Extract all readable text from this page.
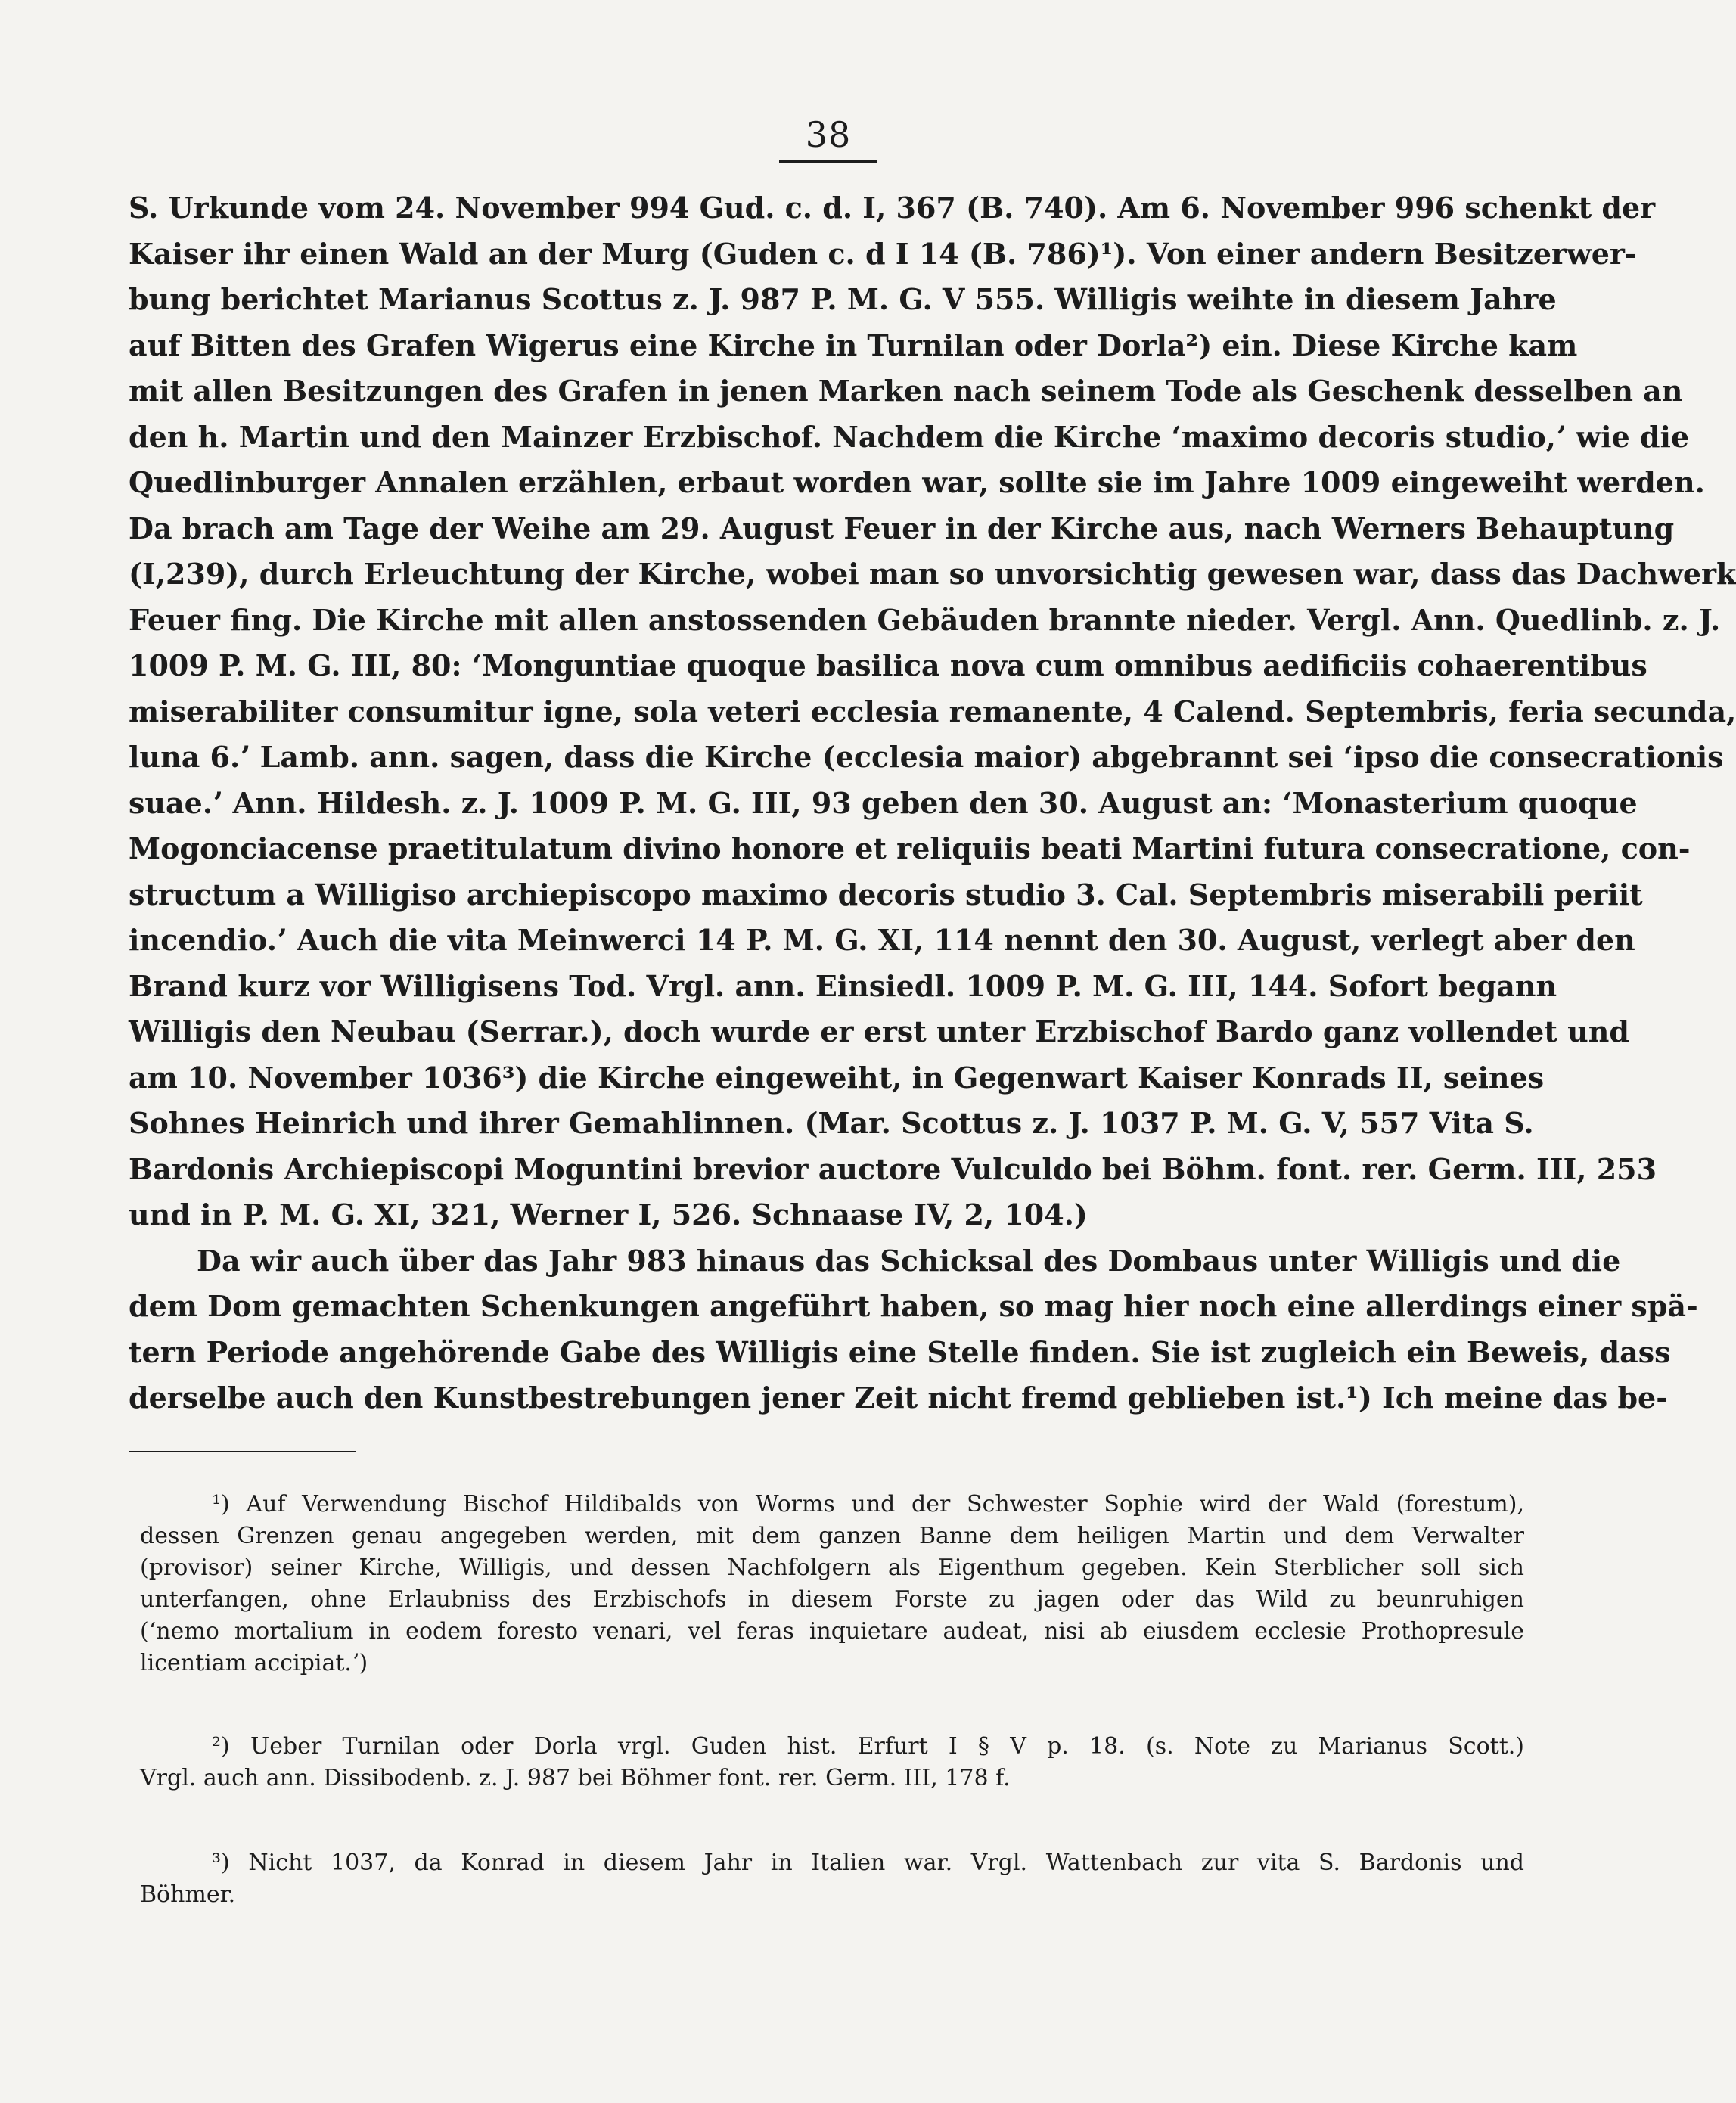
38
S. Urkunde vom 24. November 994 Gud. c. d. I, 367 (B. 740). Am 6. November 996 schenkt der
Kaiser ihr einen Wald an der Murg (Guden c. d I 14 (B. 786)¹). Von einer andern Besitzerwer-
bung berichtet Marianus Scottus z. J. 987 P. M. G. V 555. Willigis weihte in diesem Jahre
auf Bitten des Grafen Wigerus eine Kirche in Turnilan oder Dorla²) ein. Diese Kirche kam
mit allen Besitzungen des Grafen in jenen Marken nach seinem Tode als Geschenk desselben an
den h. Martin und den Mainzer Erzbischof. Nachdem die Kirche ʻmaximo decoris studio,ʼ wie die
Quedlinburger Annalen erzählen, erbaut worden war, sollte sie im Jahre 1009 eingeweiht werden.
Da brach am Tage der Weihe am 29. August Feuer in der Kirche aus, nach Werners Behauptung
(I,239), durch Erleuchtung der Kirche, wobei man so unvorsichtig gewesen war, dass das Dachwerk
Feuer fing. Die Kirche mit allen anstossenden Gebäuden brannte nieder. Vergl. Ann. Quedlinb. z. J.
1009 P. M. G. III, 80: ʻMonguntiae quoque basilica nova cum omnibus aedificiis cohaerentibus
miserabiliter consumitur igne, sola veteri ecclesia remanente, 4 Calend. Septembris, feria secunda,
luna 6.ʼ Lamb. ann. sagen, dass die Kirche (ecclesia maior) abgebrannt sei ʻipso die consecrationis
suae.ʼ Ann. Hildesh. z. J. 1009 P. M. G. III, 93 geben den 30. August an: ʻMonasterium quoque
Mogonciacense praetitulatum divino honore et reliquiis beati Martini futura consecratione, con-
structum a Willigiso archiepiscopo maximo decoris studio 3. Cal. Septembris miserabili periit
incendio.ʼ Auch die vita Meinwerci 14 P. M. G. XI, 114 nennt den 30. August, verlegt aber den
Brand kurz vor Willigisens Tod. Vrgl. ann. Einsiedl. 1009 P. M. G. III, 144. Sofort begann
Willigis den Neubau (Serrar.), doch wurde er erst unter Erzbischof Bardo ganz vollendet und
am 10. November 1036³) die Kirche eingeweiht, in Gegenwart Kaiser Konrads II, seines
Sohnes Heinrich und ihrer Gemahlinnen. (Mar. Scottus z. J. 1037 P. M. G. V, 557 Vita S.
Bardonis Archiepiscopi Moguntini brevior auctore Vulculdo bei Böhm. font. rer. Germ. III, 253
und in P. M. G. XI, 321, Werner I, 526. Schnaase IV, 2, 104.)
Da wir auch über das Jahr 983 hinaus das Schicksal des Dombaus unter Willigis und die
dem Dom gemachten Schenkungen angeführt haben, so mag hier noch eine allerdings einer spä-
tern Periode angehörende Gabe des Willigis eine Stelle finden. Sie ist zugleich ein Beweis, dass
derselbe auch den Kunstbestrebungen jener Zeit nicht fremd geblieben ist.¹) Ich meine das be-
¹) Auf Verwendung Bischof Hildibalds von Worms und der Schwester Sophie wird der Wald (forestum),
dessen Grenzen genau angegeben werden, mit dem ganzen Banne dem heiligen Martin und dem Verwalter
(provisor) seiner Kirche, Willigis, und dessen Nachfolgern als Eigenthum gegeben. Kein Sterblicher soll sich
unterfangen, ohne Erlaubniss des Erzbischofs in diesem Forste zu jagen oder das Wild zu beunruhigen
(ʻnemo mortalium in eodem foresto venari, vel feras inquietare audeat, nisi ab eiusdem ecclesie Prothopresule
licentiam accipiat.ʼ)
²) Ueber Turnilan oder Dorla vrgl. Guden hist. Erfurt I § V p. 18. (s. Note zu Marianus Scott.)
Vrgl. auch ann. Dissibodenb. z. J. 987 bei Böhmer font. rer. Germ. III, 178 f.
³) Nicht 1037, da Konrad in diesem Jahr in Italien war. Vrgl. Wattenbach zur vita S. Bardonis und
Böhmer.
